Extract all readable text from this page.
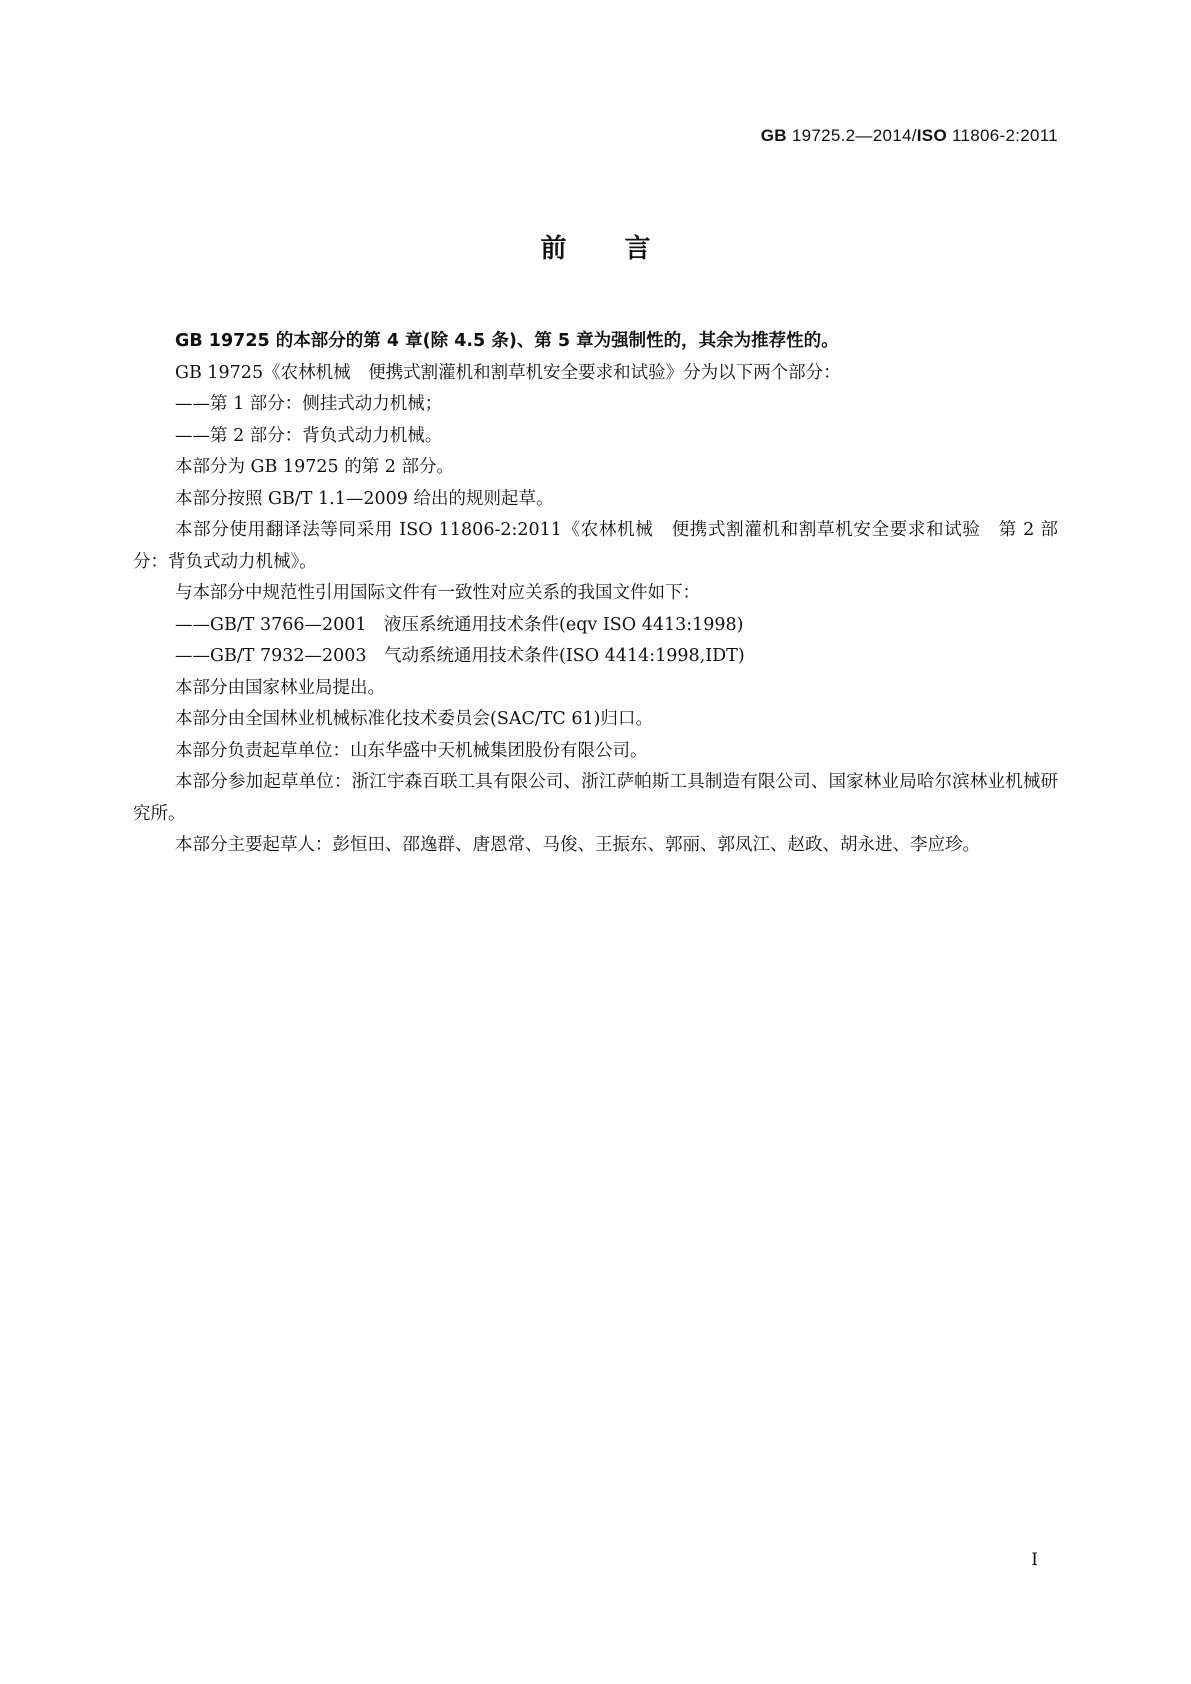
GB 19725.2—2014/ISO 11806-2:2011
前言

GB 19725 的本部分的第 4 章(除 4.5 条)、第 5 章为强制性的，其余为推荐性的。

GB 19725《农林机械　便携式割灌机和割草机安全要求和试验》分为以下两个部分：

——第 1 部分：侧挂式动力机械；

——第 2 部分：背负式动力机械。

本部分为 GB 19725 的第 2 部分。

本部分按照 GB/T 1.1—2009 给出的规则起草。

本部分使用翻译法等同采用 ISO 11806-2:2011《农林机械　便携式割灌机和割草机安全要求和试验　第 2 部分：背负式动力机械》。

与本部分中规范性引用国际文件有一致性对应关系的我国文件如下：

——GB/T 3766—2001　液压系统通用技术条件(eqv ISO 4413:1998)

——GB/T 7932—2003　气动系统通用技术条件(ISO 4414:1998,IDT)

本部分由国家林业局提出。

本部分由全国林业机械标准化技术委员会(SAC/TC 61)归口。

本部分负责起草单位：山东华盛中天机械集团股份有限公司。

本部分参加起草单位：浙江宇森百联工具有限公司、浙江萨帕斯工具制造有限公司、国家林业局哈尔滨林业机械研究所。

本部分主要起草人：彭恒田、邵逸群、唐恩常、马俊、王振东、郭丽、郭凤江、赵政、胡永进、李应珍。

I
